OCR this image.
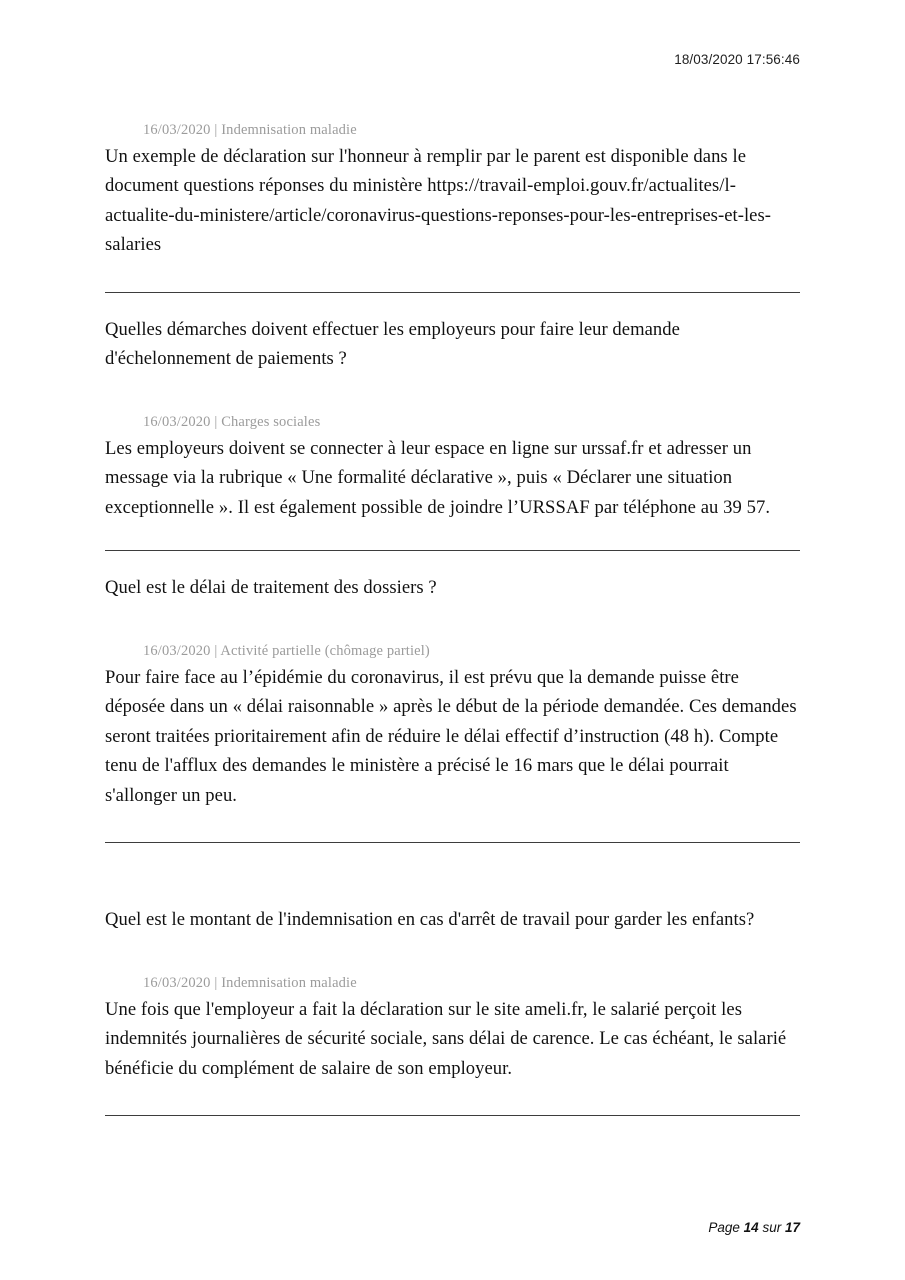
18/03/2020 17:56:46
16/03/2020 | Indemnisation maladie

Un exemple de déclaration sur l'honneur à remplir par le parent est disponible dans le document questions réponses du ministère https://travail-emploi.gouv.fr/actualites/l-actualite-du-ministere/article/coronavirus-questions-reponses-pour-les-entreprises-et-les-salaries

Quelles démarches doivent effectuer les employeurs pour faire leur demande d'échelonnement de paiements ?

16/03/2020 | Charges sociales

Les employeurs doivent se connecter à leur espace en ligne sur urssaf.fr et adresser un message via la rubrique « Une formalité déclarative », puis « Déclarer une situation exceptionnelle ». Il est également possible de joindre l’URSSAF par téléphone au 39 57.

Quel est le délai de traitement des dossiers ?

16/03/2020 | Activité partielle (chômage partiel)

Pour faire face au l’épidémie du coronavirus, il est prévu que la demande puisse être déposée dans un « délai raisonnable » après le début de la période demandée. Ces demandes seront traitées prioritairement afin de réduire le délai effectif d’instruction (48 h). Compte tenu de l'afflux des demandes le ministère a précisé le 16 mars que le délai pourrait s'allonger un peu.

Quel est le montant de l'indemnisation en cas d'arrêt de travail pour garder les enfants?

16/03/2020 | Indemnisation maladie

Une fois que l'employeur a fait la déclaration sur le site ameli.fr, le salarié perçoit les indemnités journalières de sécurité sociale, sans délai de carence. Le cas échéant, le salarié bénéficie du complément de salaire de son employeur.

Page 14 sur 17
